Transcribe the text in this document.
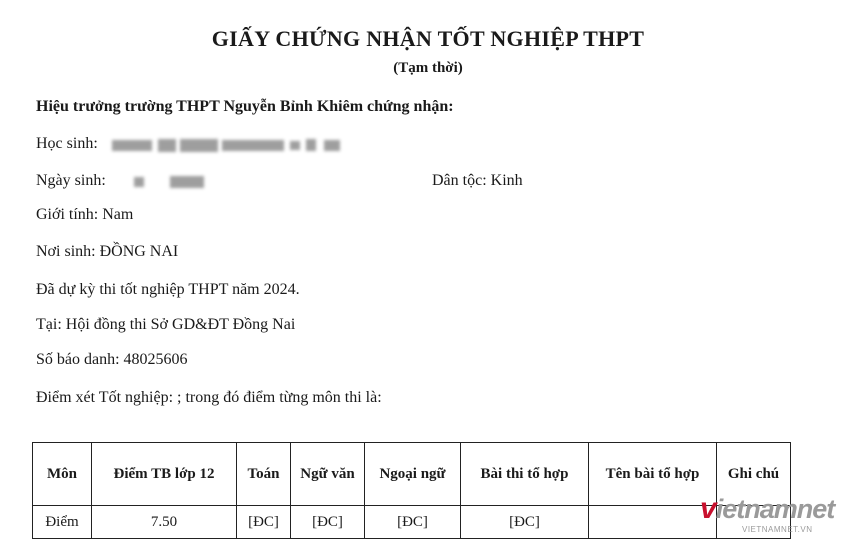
GIẤY CHỨNG NHẬN TỐT NGHIỆP THPT
(Tạm thời)
Hiệu trưởng trường THPT Nguyễn Bỉnh Khiêm chứng nhận:
Học sinh:
Ngày sinh:	Dân tộc: Kinh
Giới tính: Nam
Nơi sinh: ĐỒNG NAI
Đã dự kỳ thi tốt nghiệp THPT năm 2024.
Tại: Hội đồng thi Sở GD&ĐT Đồng Nai
Số báo danh: 48025606
Điểm xét Tốt nghiệp: ; trong đó điểm từng môn thi là:
Môn	Điểm TB lớp 12	Toán	Ngữ văn	Ngoại ngữ	Bài thi tổ hợp	Tên bài tổ hợp	Ghi chú
Điểm	7.50	[ĐC]	[ĐC]	[ĐC]	[ĐC]			vietnamnet
VIETNAMNET.VN
